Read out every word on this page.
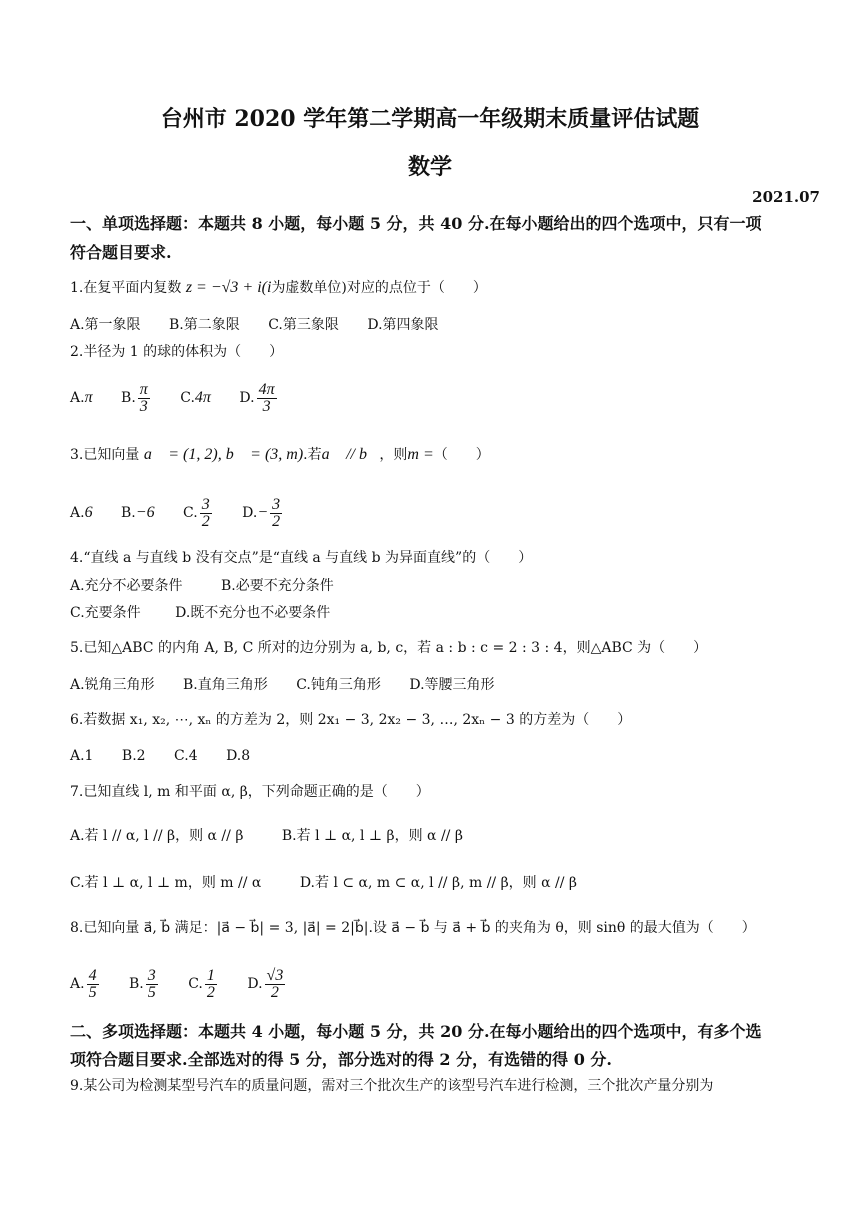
台州市 2020 学年第二学期高一年级期末质量评估试题
数学
2021.07
一、单项选择题：本题共 8 小题，每小题 5 分，共 40 分.在每小题给出的四个选项中，只有一项
符合题目要求.
1.在复平面内复数 z = −√3 + i(i为虚数单位)对应的点位于（　　）
A.第一象限 B.第二象限 C.第三象限 D.第四象限
2.半径为 1 的球的体积为（　　）
A.π B. $\frac{\pi}{3} C.4\pi$ D. $\frac{4\pi}{3}$
3.已知向量 a⃗ = (1, 2), b⃗ = (3, m).若a⃗ // b⃗，则m =（　　）
A.6 B.−6 C. $\frac{3}{2} D.- \frac{3}{2}$
4.“直线 a 与直线 b 没有交点”是“直线 a 与直线 b 为异面直线”的（　　）
A.充分不必要条件	B.必要不充分条件
C.充要条件 D.既不充分也不必要条件
5.已知△ABC 的内角 A, B, C 所对的边分别为 a, b, c，若 a : b : c = 2 : 3 : 4，则△ABC 为（　　）
A.锐角三角形 B.直角三角形 C.钝角三角形 D.等腰三角形
6.若数据 x₁, x₂, ⋯, xₙ 的方差为 2，则 2x₁ − 3, 2x₂ − 3, …, 2xₙ − 3 的方差为（　　）
A.1 B.2 C.4 D.8
7.已知直线 l, m 和平面 α, β，下列命题正确的是（　　）
A.若 l // α, l // β，则 α // β	B.若 l ⊥ α, l ⊥ β，则 α // β
C.若 l ⊥ α, l ⊥ m，则 m // α	D.若 l ⊂ α, m ⊂ α, l // β, m // β，则 α // β
8.已知向量 a⃗, b⃗ 满足：|a⃗ − b⃗| = 3, |a⃗| = 2|b⃗|.设 a⃗ − b⃗ 与 a⃗ + b⃗ 的夹角为 θ，则 sinθ 的最大值为（　　）
A. $\frac{4}{5} B$. $\frac{3}{5} C$. $\frac{1}{2} D$. $\frac{√3}{2}$
二、多项选择题：本题共 4 小题，每小题 5 分，共 20 分.在每小题给出的四个选项中，有多个选
项符合题目要求.全部选对的得 5 分，部分选对的得 2 分，有选错的得 0 分.
9.某公司为检测某型号汽车的质量问题，需对三个批次生产的该型号汽车进行检测，三个批次产量分别为
